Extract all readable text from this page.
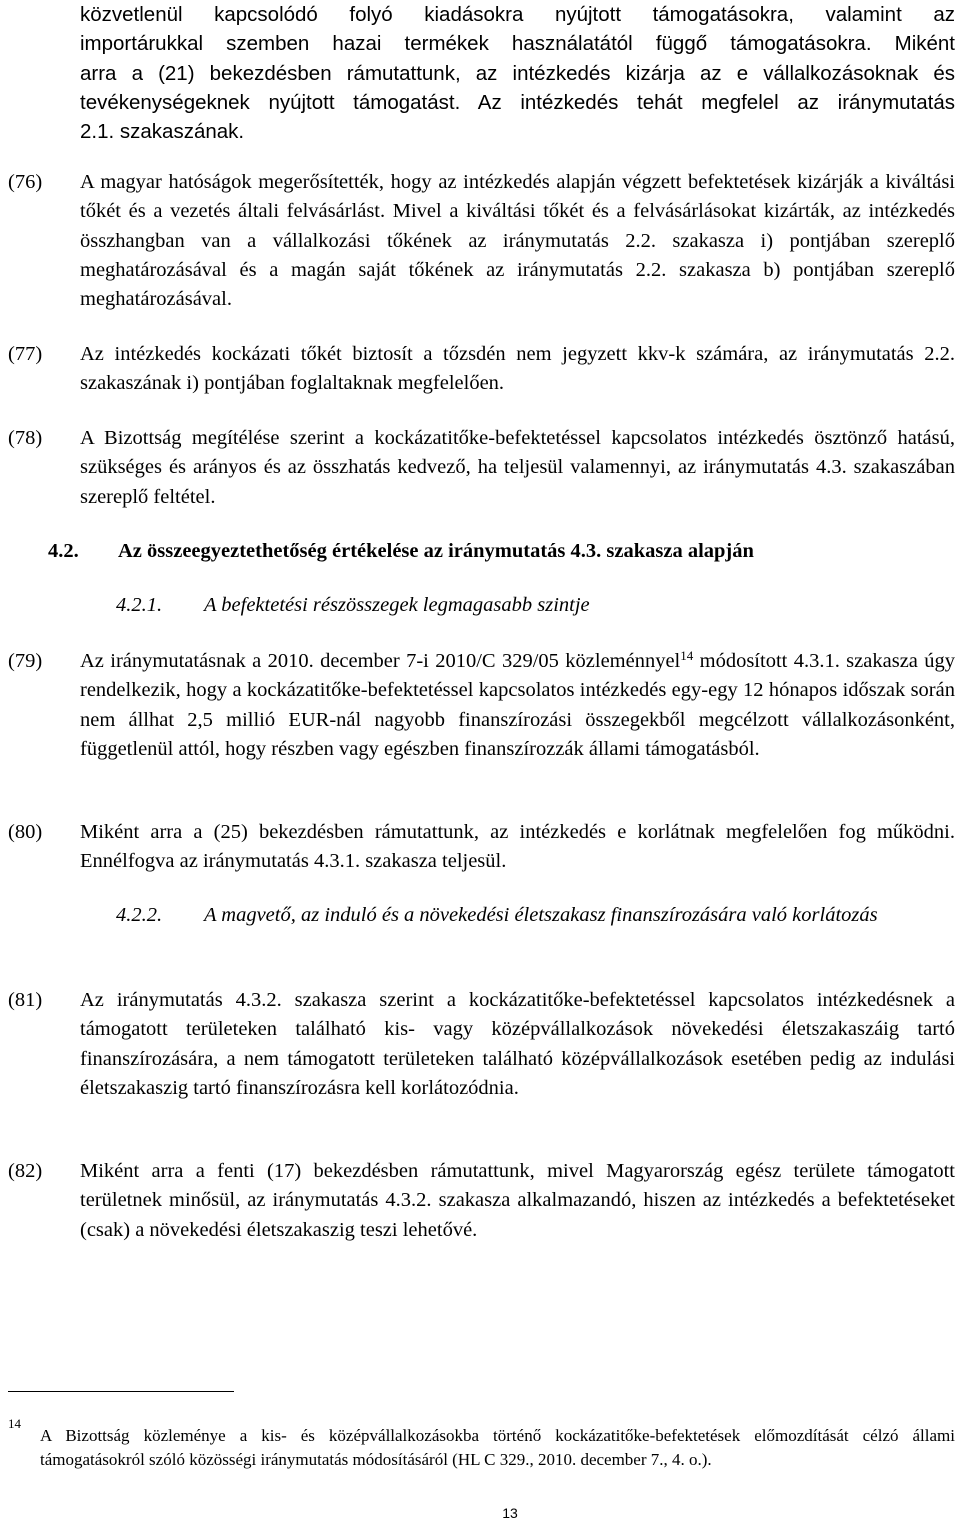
közvetlenül kapcsolódó folyó kiadásokra nyújtott támogatásokra, valamint az
importárukkal szemben hazai termékek használatától függő támogatásokra. Miként
arra a (21) bekezdésben rámutattunk, az intézkedés kizárja az e vállalkozásoknak és
tevékenységeknek nyújtott támogatást. Az intézkedés tehát megfelel az iránymutatás
2.1. szakaszának.
(76) A magyar hatóságok megerősítették, hogy az intézkedés alapján végzett befektetések kizárják a kiváltási tőkét és a vezetés általi felvásárlást. Mivel a kiváltási tőkét és a felvásárlásokat kizárták, az intézkedés összhangban van a vállalkozási tőkének az iránymutatás 2.2. szakasza i) pontjában szereplő meghatározásával és a magán saját tőkének az iránymutatás 2.2. szakasza b) pontjában szereplő meghatározásával.

(77) Az intézkedés kockázati tőkét biztosít a tőzsdén nem jegyzett kkv-k számára, az iránymutatás 2.2. szakaszának i) pontjában foglaltaknak megfelelően.

(78) A Bizottság megítélése szerint a kockázatitőke-befektetéssel kapcsolatos intézkedés ösztönző hatású, szükséges és arányos és az összhatás kedvező, ha teljesül valamennyi, az iránymutatás 4.3. szakaszában szereplő feltétel.

4.2. Az összeegyeztethetőség értékelése az iránymutatás 4.3. szakasza alapján
4.2.1. A befektetési részösszegek legmagasabb szintje
(79) Az iránymutatásnak a 2010. december 7-i 2010/C 329/05 közleménnyel$^{14}$ módosított 4.3.1. szakasza úgy rendelkezik, hogy a kockázatitőke-befektetéssel kapcsolatos intézkedés egy-egy 12 hónapos időszak során nem állhat 2,5 millió EUR-nál nagyobb finanszírozási összegekből megcélzott vállalkozásonként, függetlenül attól, hogy részben vagy egészben finanszírozzák állami támogatásból.

(80) Miként arra a (25) bekezdésben rámutattunk, az intézkedés e korlátnak megfelelően fog működni. Ennélfogva az iránymutatás 4.3.1. szakasza teljesül.

4.2.2. A magvető, az induló és a növekedési életszakasz finanszírozására való korlátozás
(81) Az iránymutatás 4.3.2. szakasza szerint a kockázatitőke-befektetéssel kapcsolatos intézkedésnek a támogatott területeken található kis- vagy középvállalkozások növekedési életszakaszáig tartó finanszírozására, a nem támogatott területeken található középvállalkozások esetében pedig az indulási életszakaszig tartó finanszírozásra kell korlátozódnia.

(82) Miként arra a fenti (17) bekezdésben rámutattunk, mivel Magyarország egész területe támogatott területnek minősül, az iránymutatás 4.3.2. szakasza alkalmazandó, hiszen az intézkedés a befektetéseket (csak) a növekedési életszakaszig teszi lehetővé.

14

A Bizottság közleménye a kis- és középvállalkozásokba történő kockázatitőke-befektetések előmozdítását célzó állami támogatásokról szóló közösségi iránymutatás módosításáról (HL C 329., 2010. december 7., 4. o.).

13
